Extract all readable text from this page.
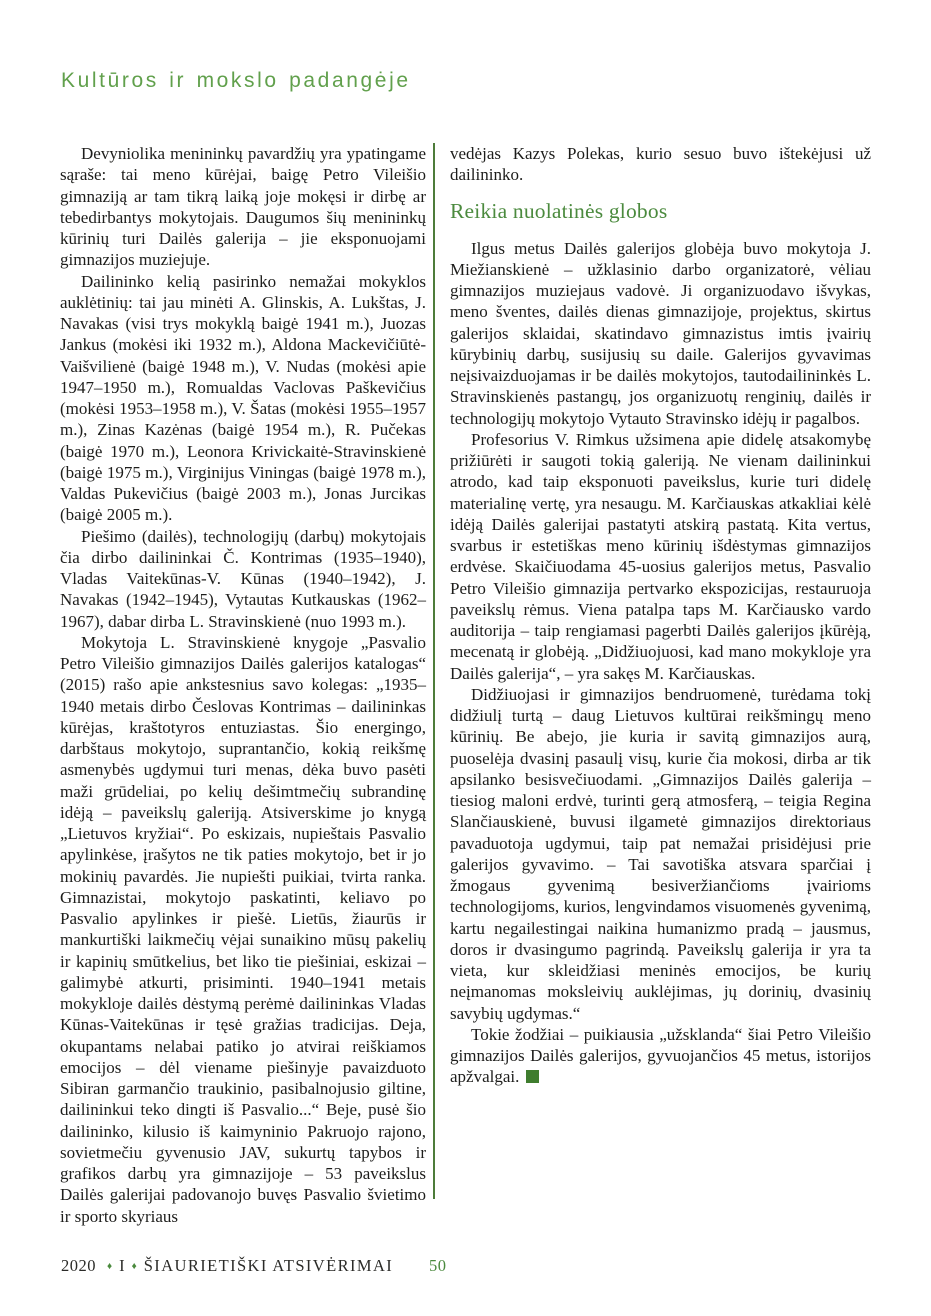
Kultūros ir mokslo padangėje

Devyniolika menininkų pavardžių yra ypatingame sąraše: tai meno kūrėjai, baigę Petro Vileišio gimnaziją ar tam tikrą laiką joje mokęsi ir dirbę ar tebedirbantys mokytojais. Daugumos šių menininkų kūrinių turi Dailės galerija – jie eksponuojami gimnazijos muziejuje.

Dailininko kelią pasirinko nemažai mokyklos auklėtinių: tai jau minėti A. Glinskis, A. Lukštas, J. Navakas (visi trys mokyklą baigė 1941 m.), Juozas Jankus (mokėsi iki 1932 m.), Aldona Mackevičiūtė-Vaišvilienė (baigė 1948 m.), V. Nudas (mokėsi apie 1947–1950 m.), Romualdas Vaclovas Paškevičius (mokėsi 1953–1958 m.), V. Šatas (mokėsi 1955–1957 m.), Zinas Kazėnas (baigė 1954 m.), R. Pučekas (baigė 1970 m.), Leonora Krivickaitė-Stravinskienė (baigė 1975 m.), Virginijus Viningas (baigė 1978 m.), Valdas Pukevičius (baigė 2003 m.), Jonas Jurcikas (baigė 2005 m.).

Piešimo (dailės), technologijų (darbų) mokytojais čia dirbo dailininkai Č. Kontrimas (1935–1940), Vladas Vaitekūnas-V. Kūnas (1940–1942), J. Navakas (1942–1945), Vytautas Kutkauskas (1962–1967), dabar dirba L. Stravinskienė (nuo 1993 m.).

Mokytoja L. Stravinskienė knygoje „Pasvalio Petro Vileišio gimnazijos Dailės galerijos katalogas“ (2015) rašo apie ankstesnius savo kolegas: „1935–1940 metais dirbo Česlovas Kontrimas – dailininkas kūrėjas, kraštotyros entuziastas. Šio energingo, darbštaus mokytojo, suprantančio, kokią reikšmę asmenybės ugdymui turi menas, dėka buvo pasėti maži grūdeliai, po kelių dešimtmečių subrandinę idėją – paveikslų galeriją. Atsiverskime jo knygą „Lietuvos kryžiai“. Po eskizais, nupieštais Pasvalio apylinkėse, įrašytos ne tik paties mokytojo, bet ir jo mokinių pavardės. Jie nupiešti puikiai, tvirta ranka. Gimnazistai, mokytojo paskatinti, keliavo po Pasvalio apylinkes ir piešė. Lietūs, žiaurūs ir mankurtiški laikmečių vėjai sunaikino mūsų pakelių ir kapinių smūtkelius, bet liko tie piešiniai, eskizai – galimybė atkurti, prisiminti. 1940–1941 metais mokykloje dailės dėstymą perėmė dailininkas Vladas Kūnas-Vaitekūnas ir tęsė gražias tradicijas. Deja, okupantams nelabai patiko jo atvirai reiškiamos emocijos – dėl viename piešinyje pavaizduoto Sibiran garmančio traukinio, pasibalnojusio giltine, dailininkui teko dingti iš Pasvalio...“ Beje, pusė šio dailininko, kilusio iš kaimyninio Pakruojo rajono, sovietmečiu gyvenusio JAV, sukurtų tapybos ir grafikos darbų yra gimnazijoje – 53 paveikslus Dailės galerijai padovanojo buvęs Pasvalio švietimo ir sporto skyriaus

vedėjas Kazys Polekas, kurio sesuo buvo ištekėjusi už dailininko.

Reikia nuolatinės globos

Ilgus metus Dailės galerijos globėja buvo mokytoja J. Miežianskienė – užklasinio darbo organizatorė, vėliau gimnazijos muziejaus vadovė. Ji organizuodavo išvykas, meno šventes, dailės dienas gimnazijoje, projektus, skirtus galerijos sklaidai, skatindavo gimnazistus imtis įvairių kūrybinių darbų, susijusių su daile. Galerijos gyvavimas neįsivaizduojamas ir be dailės mokytojos, tautodailininkės L. Stravinskienės pastangų, jos organizuotų renginių, dailės ir technologijų mokytojo Vytauto Stravinsko idėjų ir pagalbos.

Profesorius V. Rimkus užsimena apie didelę atsakomybę prižiūrėti ir saugoti tokią galeriją. Ne vienam dailininkui atrodo, kad taip eksponuoti paveikslus, kurie turi didelę materialinę vertę, yra nesaugu. M. Karčiauskas atkakliai kėlė idėją Dailės galerijai pastatyti atskirą pastatą. Kita vertus, svarbus ir estetiškas meno kūrinių išdėstymas gimnazijos erdvėse. Skaičiuodama 45-uosius galerijos metus, Pasvalio Petro Vileišio gimnazija pertvarko ekspozicijas, restauruoja paveikslų rėmus. Viena patalpa taps M. Karčiausko vardo auditorija – taip rengiamasi pagerbti Dailės galerijos įkūrėją, mecenatą ir globėją. „Didžiuojuosi, kad mano mokykloje yra Dailės galerija“, – yra sakęs M. Karčiauskas.

Didžiuojasi ir gimnazijos bendruomenė, turėdama tokį didžiulį turtą – daug Lietuvos kultūrai reikšmingų meno kūrinių. Be abejo, jie kuria ir savitą gimnazijos aurą, puoselėja dvasinį pasaulį visų, kurie čia mokosi, dirba ar tik apsilanko besisvečiuodami. „Gimnazijos Dailės galerija – tiesiog maloni erdvė, turinti gerą atmosferą, – teigia Regina Slančiauskienė, buvusi ilgametė gimnazijos direktoriaus pavaduotoja ugdymui, taip pat nemažai prisidėjusi prie galerijos gyvavimo. – Tai savotiška atsvara sparčiai į žmogaus gyvenimą besiveržiančioms įvairioms technologijoms, kurios, lengvindamos visuomenės gyvenimą, kartu negailestingai naikina humanizmo pradą – jausmus, doros ir dvasingumo pagrindą. Paveikslų galerija ir yra ta vieta, kur skleidžiasi meninės emocijos, be kurių neįmanomas moksleivių auklėjimas, jų dorinių, dvasinių savybių ugdymas.“

Tokie žodžiai – puikiausia „užsklanda“ šiai Petro Vileišio gimnazijos Dailės galerijos, gyvuojančios 45 metus, istorijos apžvalgai.

2020 ♦ I ♦ ŠIAURIETIŠKI ATSIVĖRIMAI 50
